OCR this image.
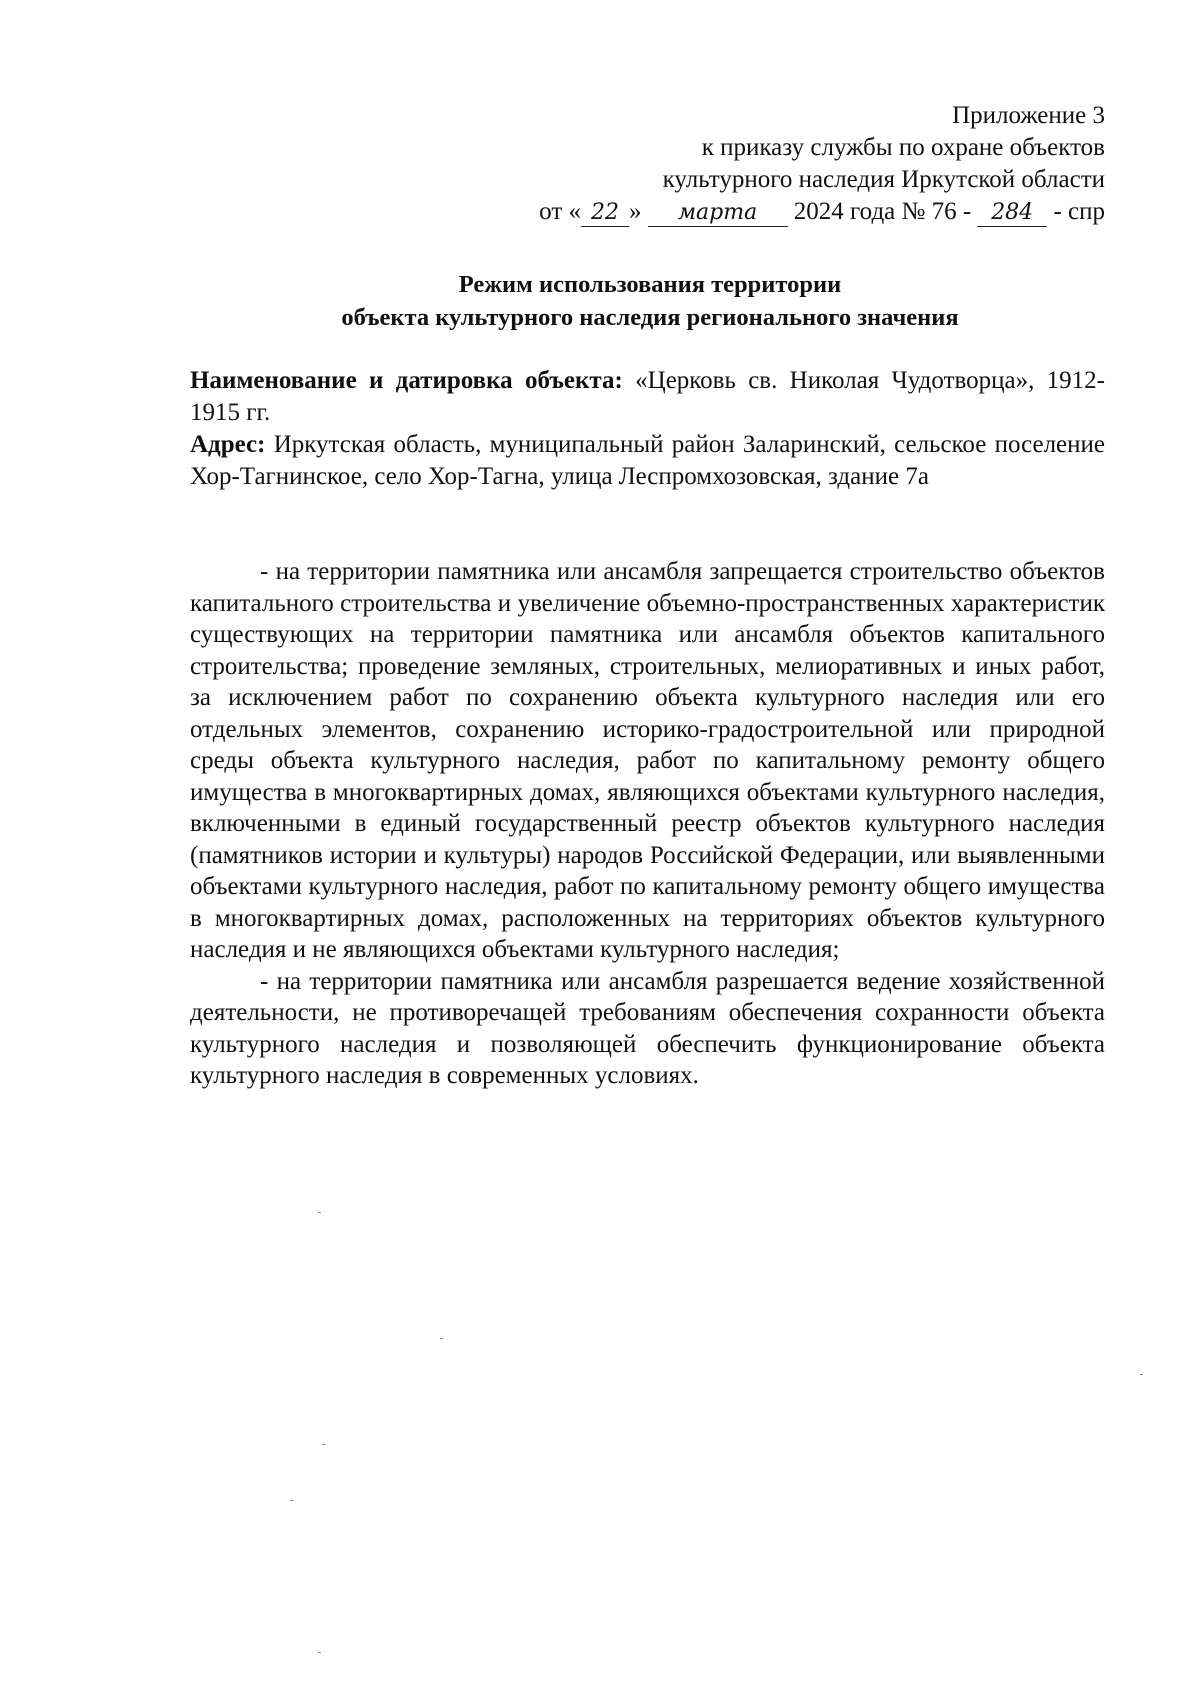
Приложение 3
к приказу службы по охране объектов
культурного наследия Иркутской области
от « 22 » марта 2024 года № 76 - 284 - спр
Режим использования территории
объекта культурного наследия регионального значения
Наименование и датировка объекта: «Церковь св. Николая Чудотворца», 1912-1915 гг.
Адрес: Иркутская область, муниципальный район Заларинский, сельское поселение Хор-Тагнинское, село Хор-Тагна, улица Леспромхозовская, здание 7а

- на территории памятника или ансамбля запрещается строительство объектов капитального строительства и увеличение объемно-пространственных характеристик существующих на территории памятника или ансамбля объектов капитального строительства; проведение земляных, строительных, мелиоративных и иных работ, за исключением работ по сохранению объекта культурного наследия или его отдельных элементов, сохранению историко-градостроительной или природной среды объекта культурного наследия, работ по капитальному ремонту общего имущества в многоквартирных домах, являющихся объектами культурного наследия, включенными в единый государственный реестр объектов культурного наследия (памятников истории и культуры) народов Российской Федерации, или выявленными объектами культурного наследия, работ по капитальному ремонту общего имущества в многоквартирных домах, расположенных на территориях объектов культурного наследия и не являющихся объектами культурного наследия;

- на территории памятника или ансамбля разрешается ведение хозяйственной деятельности, не противоречащей требованиям обеспечения сохранности объекта культурного наследия и позволяющей обеспечить функционирование объекта культурного наследия в современных условиях.
